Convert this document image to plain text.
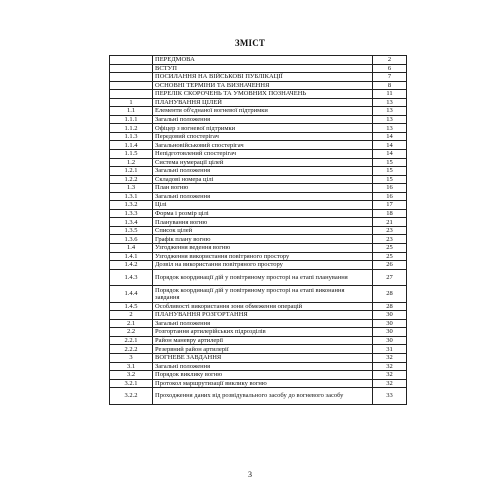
ЗМІСТ
	ПЕРЕДМОВА	2
	ВСТУП	6
	ПОСИЛАННЯ НА ВІЙСЬКОВІ ПУБЛІКАЦІЇ	7
	ОСНОВНІ ТЕРМІНИ ТА ВИЗНАЧЕННЯ	8
	ПЕРЕЛІК СКОРОЧЕНЬ ТА УМОВНИХ ПОЗНАЧЕНЬ	11
1	ПЛАНУВАННЯ ЦІЛЕЙ	13
1.1	Елементи об'єднаної вогневої підтримки	13
1.1.1	Загальні положення	13
1.1.2	Офіцер з вогневої підтримки	13
1.1.3	Передовий спостерігач	14
1.1.4	Загальновійськовий спостерігач	14
1.1.5	Непідготовлений спостерігач	14
1.2	Система нумерації цілей	15
1.2.1	Загальні положення	15
1.2.2	Складові номера цілі	15
1.3	План вогню	16
1.3.1	Загальні положення	16
1.3.2	Цілі	17
1.3.3	Форма і розмір цілі	18
1.3.4	Планування вогню	21
1.3.5	Список цілей	23
1.3.6	Графік плану вогню	23
1.4	Узгодження ведення вогню	25
1.4.1	Узгодження використання повітряного простору	25
1.4.2	Дозвіл на використання повітряного простору	26
1.4.3	Порядок координації дій у повітряному просторі на етапі планування	27
1.4.4	Порядок координації дій у повітряному просторі на етапі виконання завдання	28
1.4.5	Особливості використання зони обмеження операцій	28
2	ПЛАНУВАННЯ РОЗГОРТАННЯ	30
2.1	Загальні положення	30
2.2	Розгортання артилерійських підрозділів	30
2.2.1	Район маневру артилерії	30
2.2.2	Резервний район артилерії	31
3	ВОГНЕВЕ ЗАВДАННЯ	32
3.1	Загальні положення	32
3.2	Порядок виклику вогню	32
3.2.1	Протокол маршрутизації виклику вогню	32
3.2.2	Проходження даних від розвідувального засобу до вогневого засобу	33
3
